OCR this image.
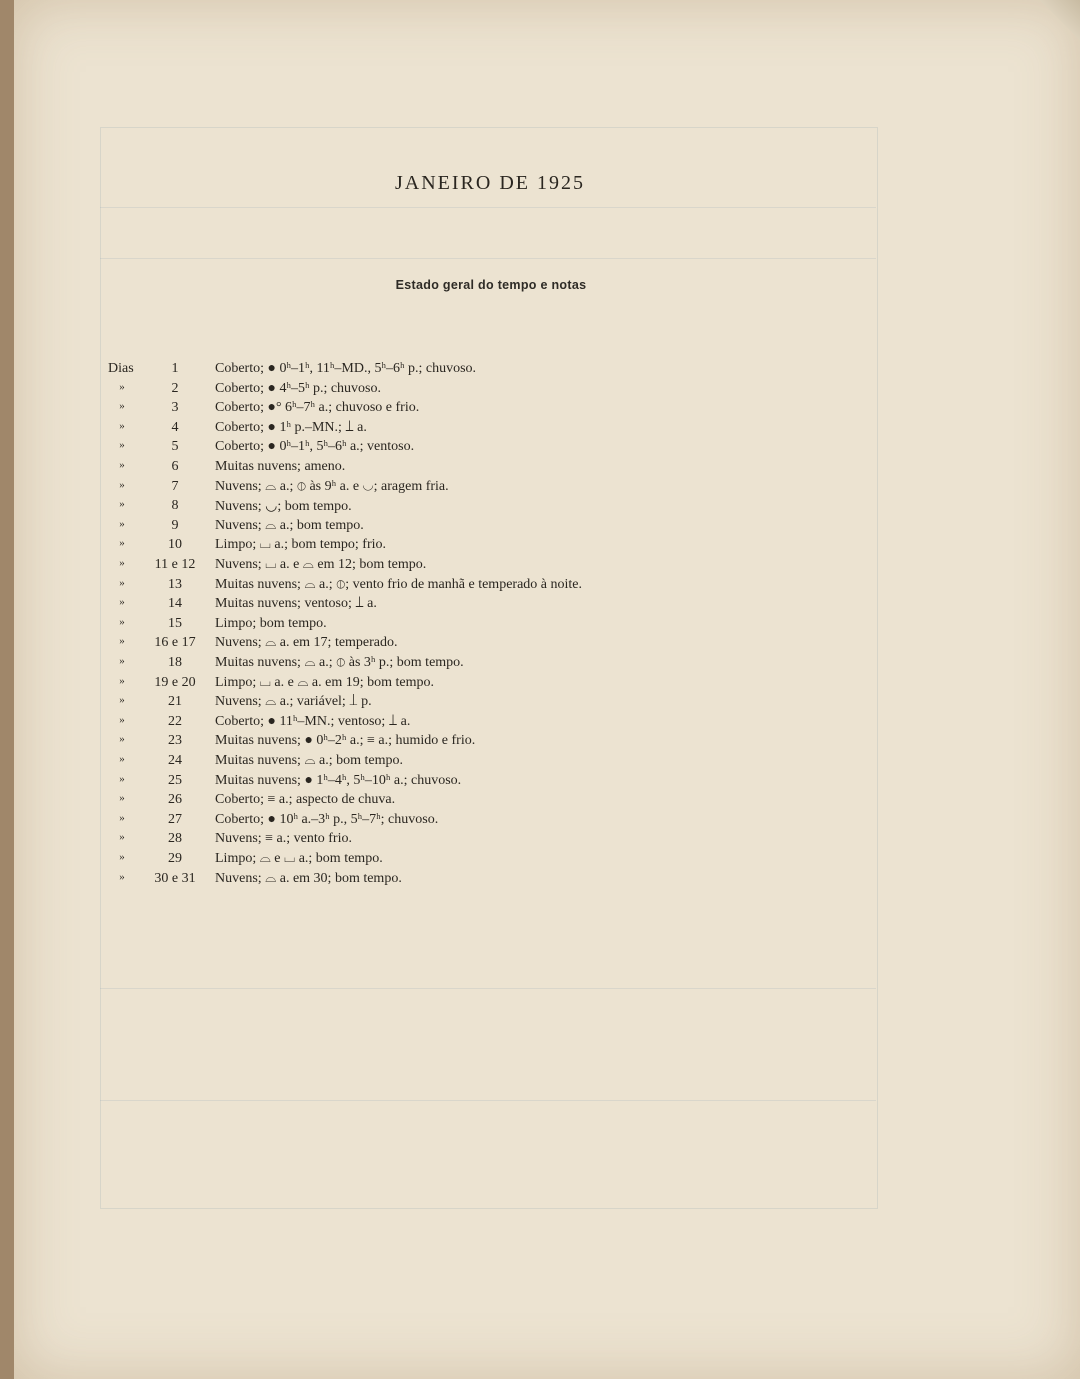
JANEIRO DE 1925
Estado geral do tempo e notas
Dias	1	Coberto; ● 0ʰ–1ʰ, 11ʰ–MD., 5ʰ–6ʰ p.; chuvoso.
»	2	Coberto; ● 4ʰ–5ʰ p.; chuvoso.
»	3	Coberto; ●° 6ʰ–7ʰ a.; chuvoso e frio.
»	4	Coberto; ● 1ʰ p.–MN.; ⟘ a.
»	5	Coberto; ● 0ʰ–1ʰ, 5ʰ–6ʰ a.; ventoso.
»	6	Muitas nuvens; ameno.
»	7	Nuvens; ⌓ a.; ⦶ às 9ʰ a. e ◡; aragem fria.
»	8	Nuvens; ◡; bom tempo.
»	9	Nuvens; ⌓ a.; bom tempo.
»	10	Limpo; ⌴ a.; bom tempo; frio.
»	11 e 12	Nuvens; ⌴ a. e ⌓ em 12; bom tempo.
»	13	Muitas nuvens; ⌓ a.; ⦶; vento frio de manhã e temperado à noite.
»	14	Muitas nuvens; ventoso; ⟘ a.
»	15	Limpo; bom tempo.
»	16 e 17	Nuvens; ⌓ a. em 17; temperado.
»	18	Muitas nuvens; ⌓ a.; ⦶ às 3ʰ p.; bom tempo.
»	19 e 20	Limpo; ⌴ a. e ⌓ a. em 19; bom tempo.
»	21	Nuvens; ⌓ a.; variável; ⟘ p.
»	22	Coberto; ● 11ʰ–MN.; ventoso; ⟘ a.
»	23	Muitas nuvens; ● 0ʰ–2ʰ a.; ≡ a.; humido e frio.
»	24	Muitas nuvens; ⌓ a.; bom tempo.
»	25	Muitas nuvens; ● 1ʰ–4ʰ, 5ʰ–10ʰ a.; chuvoso.
»	26	Coberto; ≡ a.; aspecto de chuva.
»	27	Coberto; ● 10ʰ a.–3ʰ p., 5ʰ–7ʰ; chuvoso.
»	28	Nuvens; ≡ a.; vento frio.
»	29	Limpo; ⌓ e ⌴ a.; bom tempo.
»	30 e 31	Nuvens; ⌓ a. em 30; bom tempo.
